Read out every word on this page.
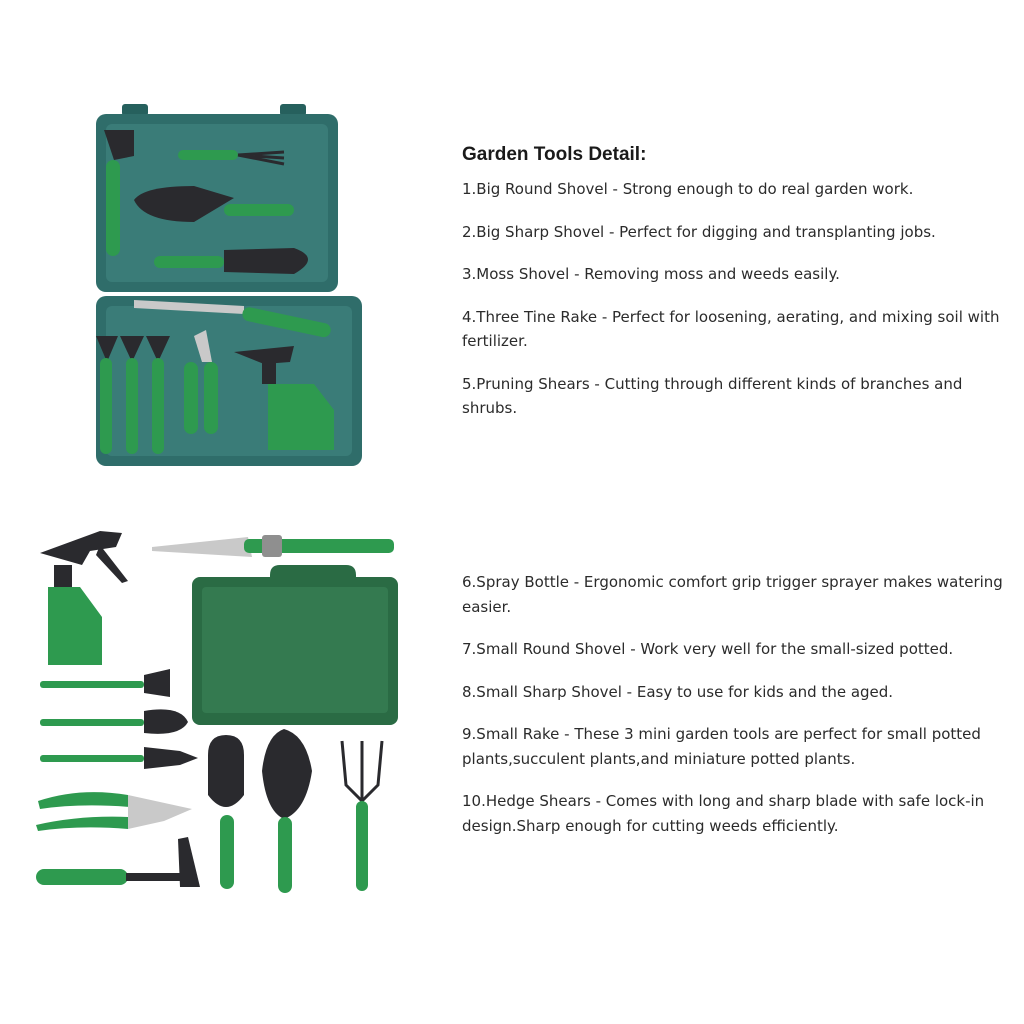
Garden Tools Detail:

1.Big Round Shovel - Strong enough to do real garden work.

2.Big Sharp Shovel - Perfect for digging and transplanting jobs.

3.Moss Shovel - Removing moss and weeds easily.

4.Three Tine Rake - Perfect for loosening, aerating, and mixing soil with fertilizer.

5.Pruning Shears - Cutting through different kinds of branches and shrubs.

6.Spray Bottle - Ergonomic comfort grip trigger sprayer makes watering easier.

7.Small Round Shovel - Work very well for the small-sized potted.

8.Small Sharp Shovel - Easy to use for kids and the aged.

9.Small Rake - These 3 mini garden tools are perfect for small potted plants,succulent plants,and miniature potted plants.

10.Hedge Shears - Comes with long and sharp blade with safe lock-in design.Sharp enough for cutting weeds efficiently.
